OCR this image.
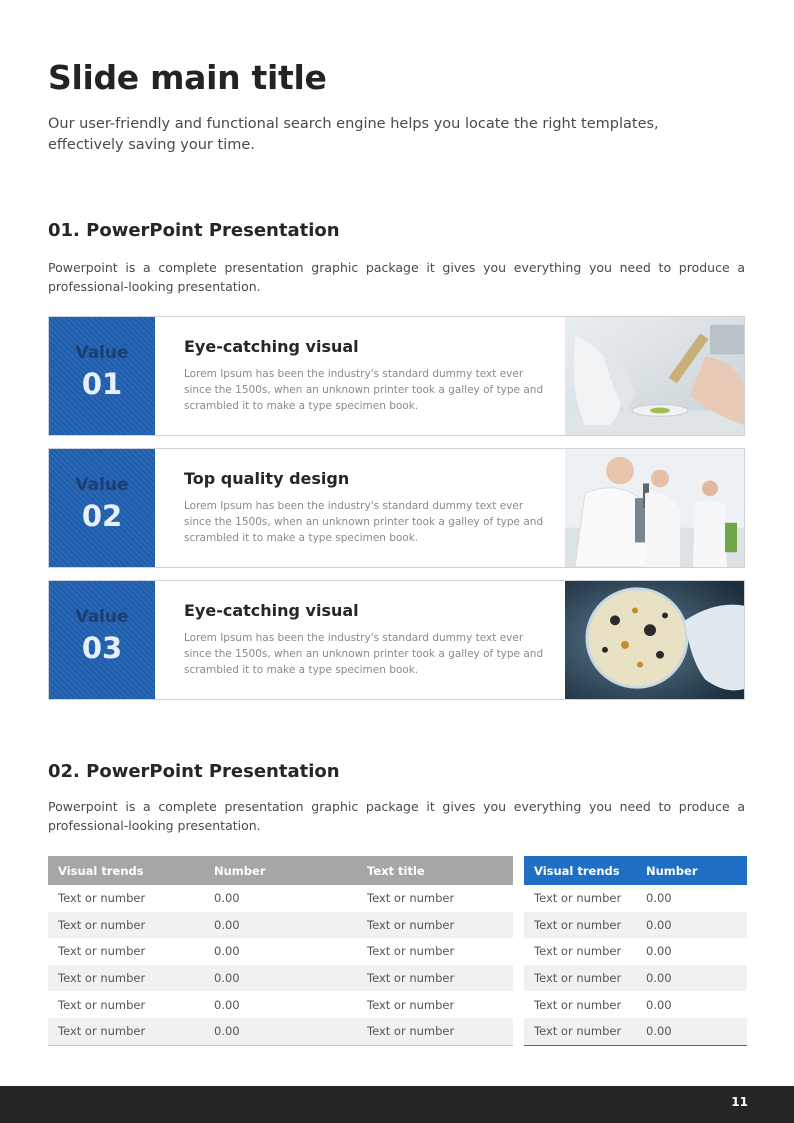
Slide main title

Our user-friendly and functional search engine helps you locate the right templates, effectively saving your time.

01. PowerPoint Presentation

Powerpoint is a complete presentation graphic package it gives you everything you need to produce a professional-looking presentation.

Value
01
Eye-catching visual

Lorem Ipsum has been the industry's standard dummy text ever since the 1500s, when an unknown printer took a galley of type and scrambled it to make a type specimen book.

Value
02
Top quality design

Lorem Ipsum has been the industry's standard dummy text ever since the 1500s, when an unknown printer took a galley of type and scrambled it to make a type specimen book.

Value
03
Eye-catching visual

Lorem Ipsum has been the industry's standard dummy text ever since the 1500s, when an unknown printer took a galley of type and scrambled it to make a type specimen book.

02. PowerPoint Presentation

Powerpoint is a complete presentation graphic package it gives you everything you need to produce a professional-looking presentation.

Visual trends	Number	Text title
Text or number	0.00	Text or number
Text or number	0.00	Text or number
Text or number	0.00	Text or number
Text or number	0.00	Text or number
Text or number	0.00	Text or number
Text or number	0.00	Text or number
Visual trends	Number
Text or number	0.00
Text or number	0.00
Text or number	0.00
Text or number	0.00
Text or number	0.00
Text or number	0.00
11
